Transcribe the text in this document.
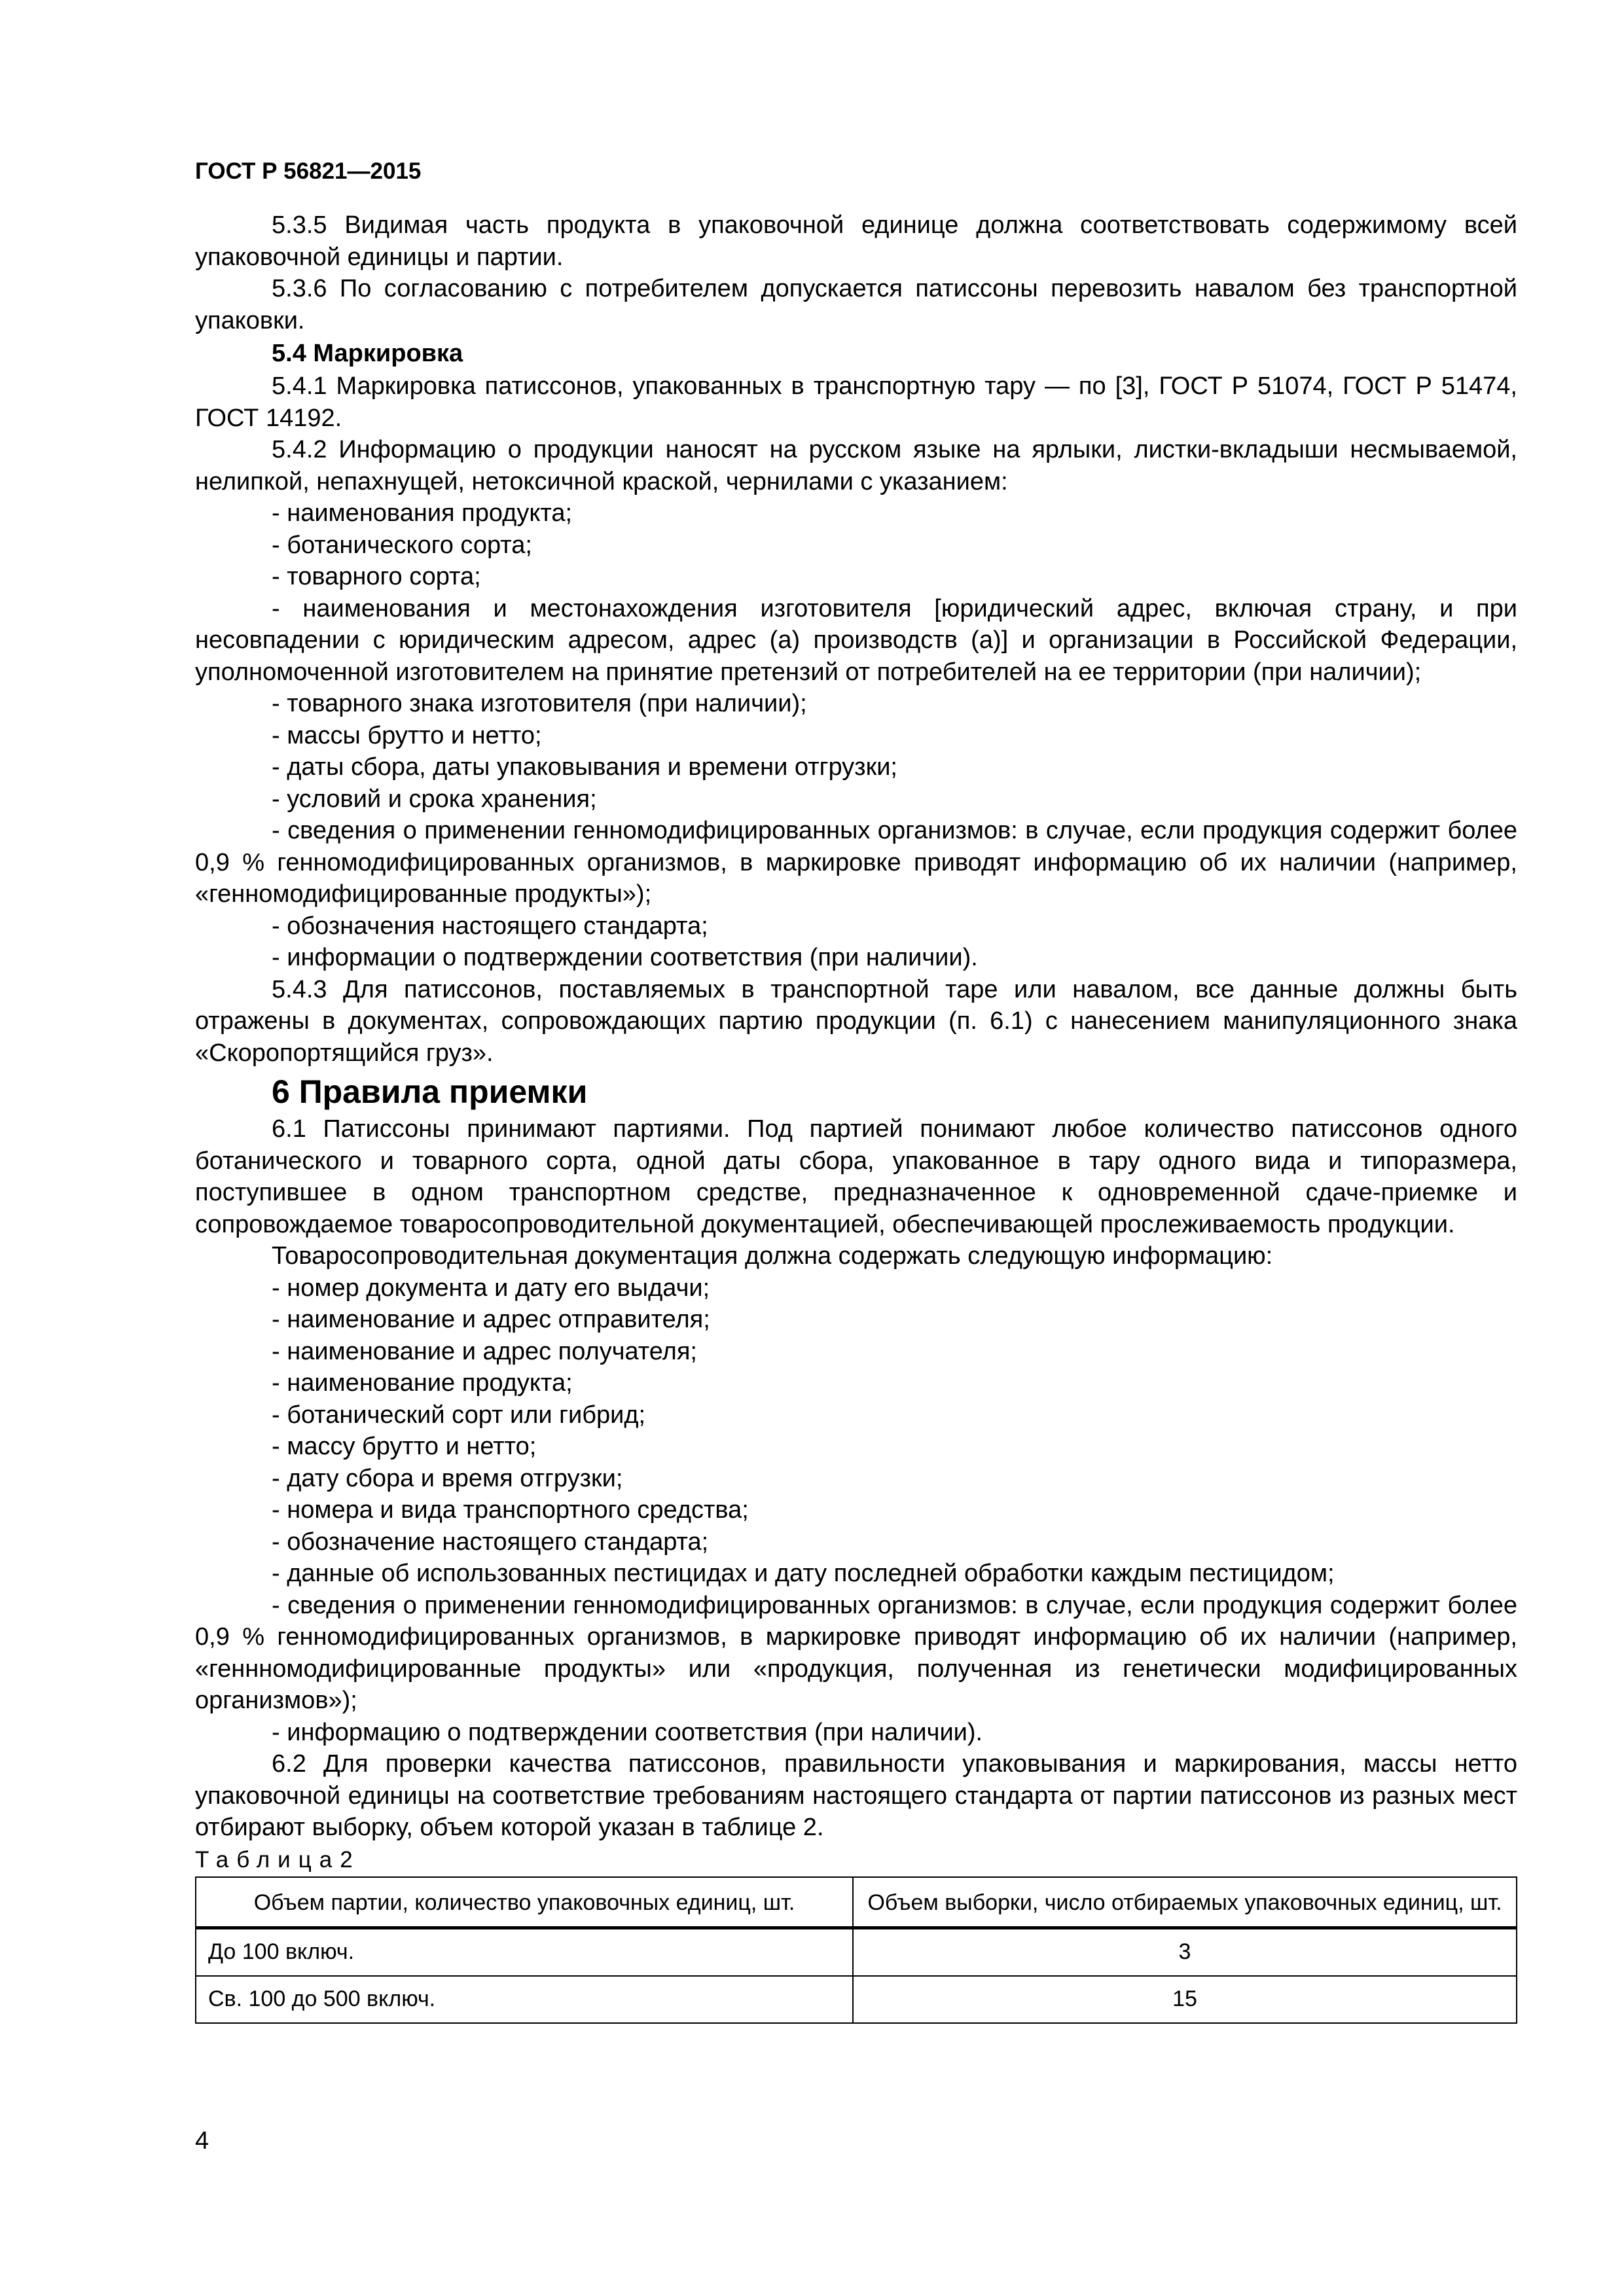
ГОСТ Р 56821—2015

5.3.5 Видимая часть продукта в упаковочной единице должна соответствовать содержимому всей упаковочной единицы и партии.

5.3.6 По согласованию с потребителем допускается патиссоны перевозить навалом без транспортной упаковки.

5.4 Маркировка

5.4.1 Маркировка патиссонов, упакованных в транспортную тару — по [3], ГОСТ Р 51074, ГОСТ Р 51474, ГОСТ 14192.

5.4.2 Информацию о продукции наносят на русском языке на ярлыки, листки-вкладыши несмываемой, нелипкой, непахнущей, нетоксичной краской, чернилами с указанием:

- наименования продукта;

- ботанического сорта;

- товарного сорта;

- наименования и местонахождения изготовителя [юридический адрес, включая страну, и при несовпадении с юридическим адресом, адрес (а) производств (а)] и организации в Российской Федерации, уполномоченной изготовителем на принятие претензий от потребителей на ее территории (при наличии);

- товарного знака изготовителя (при наличии);

- массы брутто и нетто;

- даты сбора, даты упаковывания и времени отгрузки;

- условий и срока хранения;

- сведения о применении генномодифицированных организмов: в случае, если продукция содержит более 0,9 % генномодифицированных организмов, в маркировке приводят информацию об их наличии (например, «генномодифицированные продукты»);

- обозначения настоящего стандарта;

- информации о подтверждении соответствия (при наличии).

5.4.3 Для патиссонов, поставляемых в транспортной таре или навалом, все данные должны быть отражены в документах, сопровождающих партию продукции (п. 6.1) с нанесением манипуляционного знака «Скоропортящийся груз».

6 Правила приемки

6.1 Патиссоны принимают партиями. Под партией понимают любое количество патиссонов одного ботанического и товарного сорта, одной даты сбора, упакованное в тару одного вида и типоразмера, поступившее в одном транспортном средстве, предназначенное к одновременной сдаче-приемке и сопровождаемое товаросопроводительной документацией, обеспечивающей прослеживаемость продукции.

Товаросопроводительная документация должна содержать следующую информацию:

- номер документа и дату его выдачи;

- наименование и адрес отправителя;

- наименование и адрес получателя;

- наименование продукта;

- ботанический сорт или гибрид;

- массу брутто и нетто;

- дату сбора и время отгрузки;

- номера и вида транспортного средства;

- обозначение настоящего стандарта;

- данные об использованных пестицидах и дату последней обработки каждым пестицидом;

- сведения о применении генномодифицированных организмов: в случае, если продукция содержит более 0,9 % генномодифицированных организмов, в маркировке приводят информацию об их наличии (например, «геннномодифицированные продукты» или «продукция, полученная из генетически модифицированных организмов»);

- информацию о подтверждении соответствия (при наличии).

6.2 Для проверки качества патиссонов, правильности упаковывания и маркирования, массы нетто упаковочной единицы на соответствие требованиям настоящего стандарта от партии патиссонов из разных мест отбирают выборку, объем которой указан в таблице 2.

Таблица2
Объем партии, количество упаковочных единиц, шт.	Объем выборки, число отбираемых упаковочных единиц, шт.
До 100 включ.	3
Св. 100 до 500 включ.	15
4
